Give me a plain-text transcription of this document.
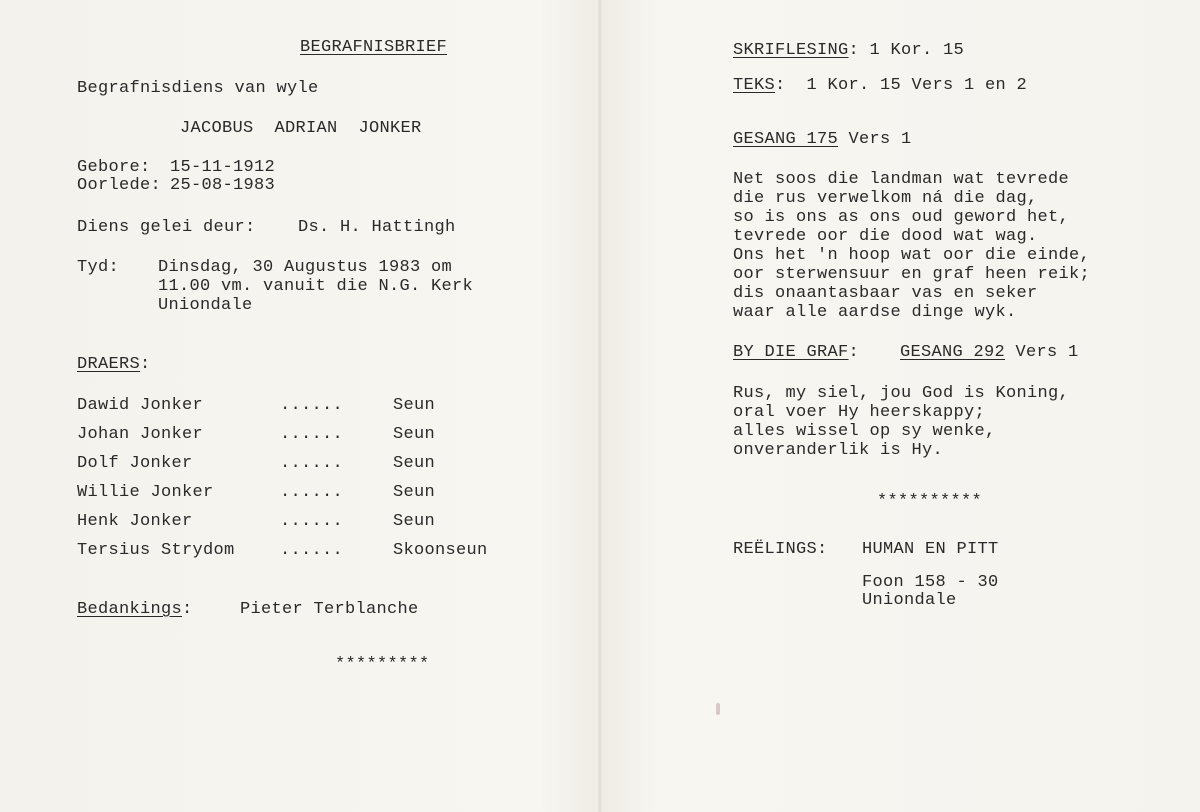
BEGRAFNISBRIEF
Begrafnisdiens van wyle
JACOBUS  ADRIAN  JONKER
Gebore: 15-11-1912
Oorlede: 25-08-1983
Diens gelei deur: Ds. H. Hattingh
Tyd: Dinsdag, 30 Augustus 1983 om
11.00 vm. vanuit die N.G. Kerk
Uniondale
DRAERS:
Dawid Jonker	......	Seun
Johan Jonker	......	Seun
Dolf Jonker	......	Seun
Willie Jonker	......	Seun
Henk Jonker	......	Seun
Tersius Strydom	......	Skoonseun
Bedankings:	Pieter Terblanche
*********
SKRIFLESING: 1 Kor. 15
TEKS:  1 Kor. 15 Vers 1 en 2
GESANG 175 Vers 1
Net soos die landman wat tevrede
die rus verwelkom ná die dag,
so is ons as ons oud geword het,
tevrede oor die dood wat wag.
Ons het 'n hoop wat oor die einde,
oor sterwensuur en graf heen reik;
dis onaantasbaar vas en seker
waar alle aardse dinge wyk.
BY DIE GRAF: GESANG 292 Vers 1
Rus, my siel, jou God is Koning,
oral voer Hy heerskappy;
alles wissel op sy wenke,
onveranderlik is Hy.
**********
REËLINGS: HUMAN EN PITT
Foon 158 - 30
Uniondale
